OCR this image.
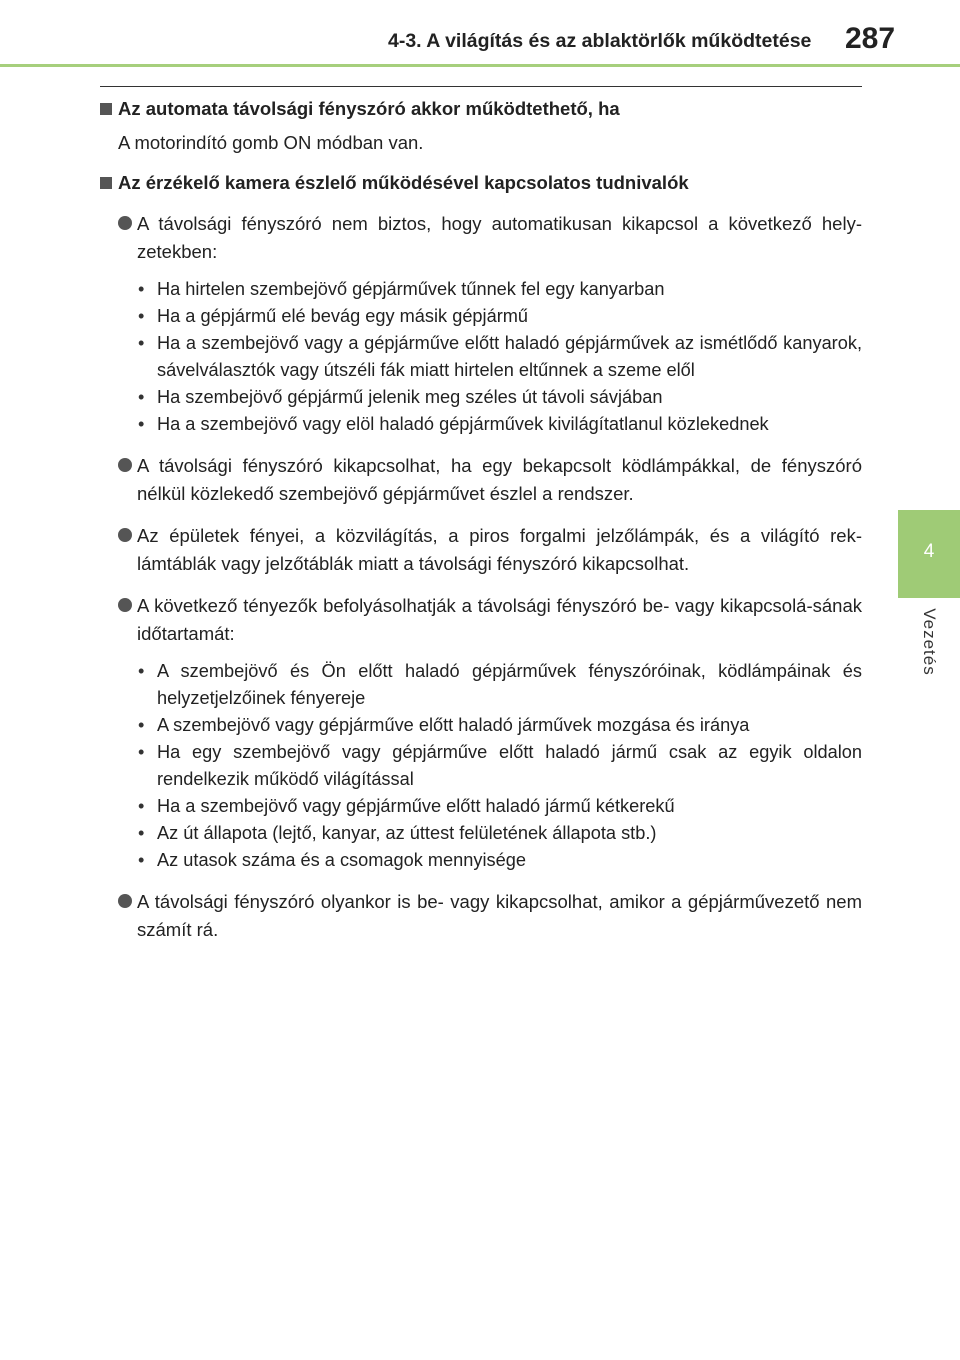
4-3. A világítás és az ablaktörlők működtetése 287
4
Vezetés
Az automata távolsági fényszóró akkor működtethető, ha
A motorindító gomb ON módban van.
Az érzékelő kamera észlelő működésével kapcsolatos tudnivalók
A távolsági fényszóró nem biztos, hogy automatikusan kikapcsol a következő hely-zetekben:
• Ha hirtelen szembejövő gépjárművek tűnnek fel egy kanyarban
• Ha a gépjármű elé bevág egy másik gépjármű
• Ha a szembejövő vagy a gépjárműve előtt haladó gépjárművek az ismétlődő kanyarok, sávelválasztók vagy útszéli fák miatt hirtelen eltűnnek a szeme elől
• Ha szembejövő gépjármű jelenik meg széles út távoli sávjában
• Ha a szembejövő vagy elöl haladó gépjárművek kivilágítatlanul közlekednek
A távolsági fényszóró kikapcsolhat, ha egy bekapcsolt ködlámpákkal, de fényszóró nélkül közlekedő szembejövő gépjárművet észlel a rendszer.
Az épületek fényei, a közvilágítás, a piros forgalmi jelzőlámpák, és a világító rek-lámtáblák vagy jelzőtáblák miatt a távolsági fényszóró kikapcsolhat.
A következő tényezők befolyásolhatják a távolsági fényszóró be- vagy kikapcsolá-sának időtartamát:
• A szembejövő és Ön előtt haladó gépjárművek fényszóróinak, ködlámpáinak és helyzetjelzőinek fényereje
• A szembejövő vagy gépjárműve előtt haladó járművek mozgása és iránya
• Ha egy szembejövő vagy gépjárműve előtt haladó jármű csak az egyik oldalon rendelkezik működő világítással
• Ha a szembejövő vagy gépjárműve előtt haladó jármű kétkerekű
• Az út állapota (lejtő, kanyar, az úttest felületének állapota stb.)
• Az utasok száma és a csomagok mennyisége
A távolsági fényszóró olyankor is be- vagy kikapcsolhat, amikor a gépjárművezető nem számít rá.
